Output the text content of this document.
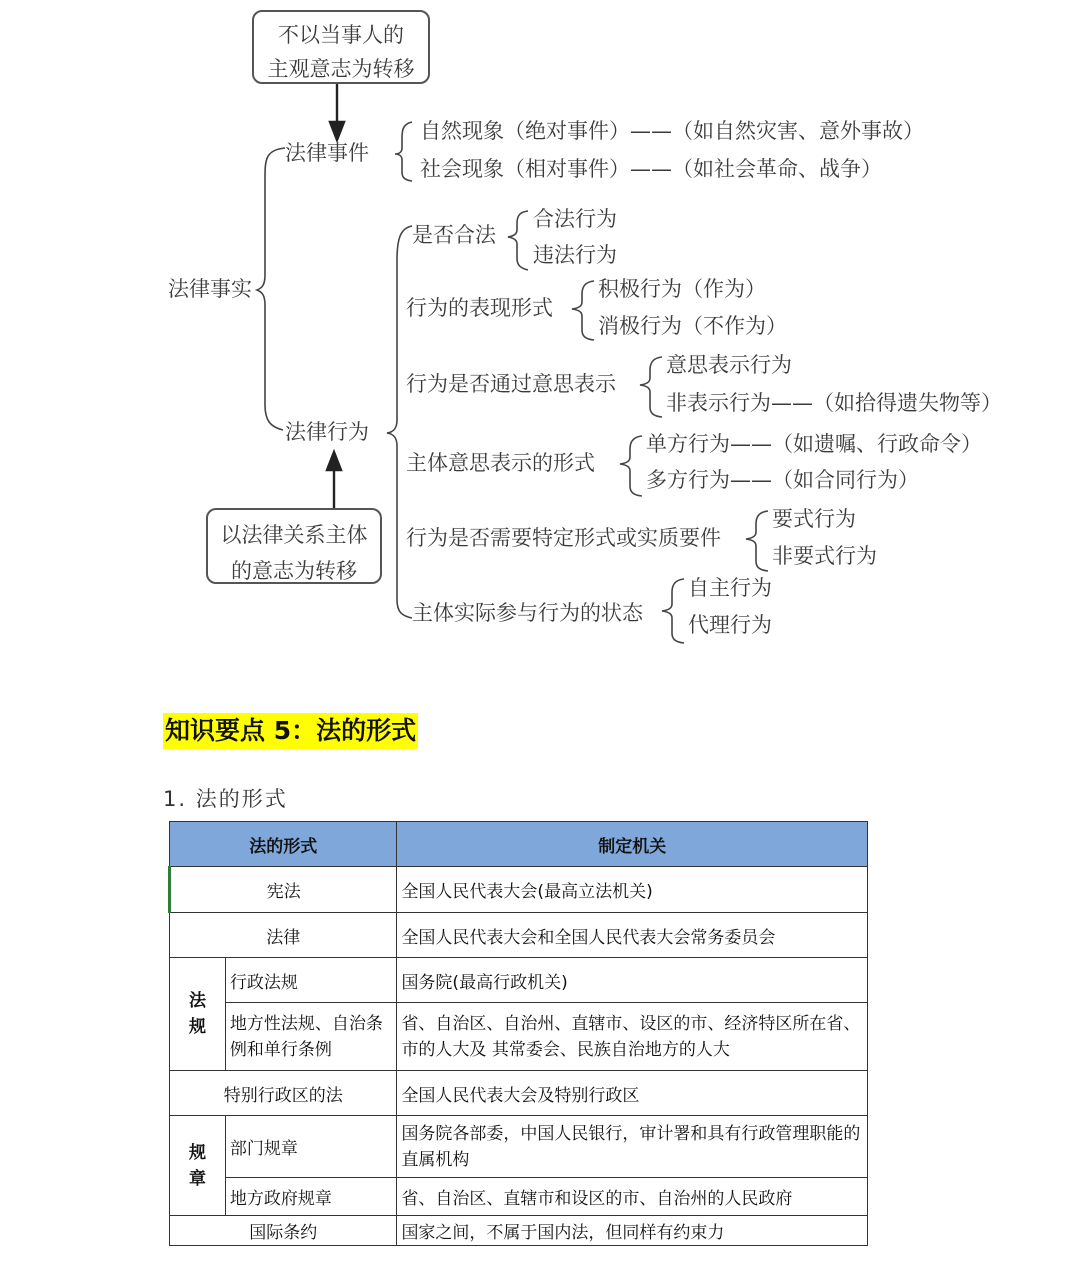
法律事实
不以当事人的
主观意志为转移
以法律关系主体
的意志为转移
法律事件
自然现象（绝对事件）——（如自然灾害、意外事故）
社会现象（相对事件）——（如社会革命、战争）
法律行为
是否合法
合法行为
违法行为
行为的表现形式
积极行为（作为）
消极行为（不作为）
行为是否通过意思表示
意思表示行为
非表示行为——（如拾得遗失物等）
主体意思表示的形式
单方行为——（如遗嘱、行政命令）
多方行为——（如合同行为）
行为是否需要特定形式或实质要件
要式行为
非要式行为
主体实际参与行为的状态
自主行为
代理行为
知识要点 5：法的形式
1. 法的形式
法的形式		制定机关
宪法		全国人民代表大会(最高立法机关)
法律		全国人民代表大会和全国人民代表大会常务委员会
法
规	行政法规	国务院(最高行政机关)
	地方性法规、自治条例和单行条例	省、自治区、自治州、直辖市、设区的市、经济特区所在省、市的人大及 其常委会、民族自治地方的人大
特别行政区的法		全国人民代表大会及特别行政区
规
章	部门规章	国务院各部委，中国人民银行，审计署和具有行政管理职能的直属机构
	地方政府规章	省、自治区、直辖市和设区的市、自治州的人民政府
国际条约		国家之间，不属于国内法，但同样有约束力
